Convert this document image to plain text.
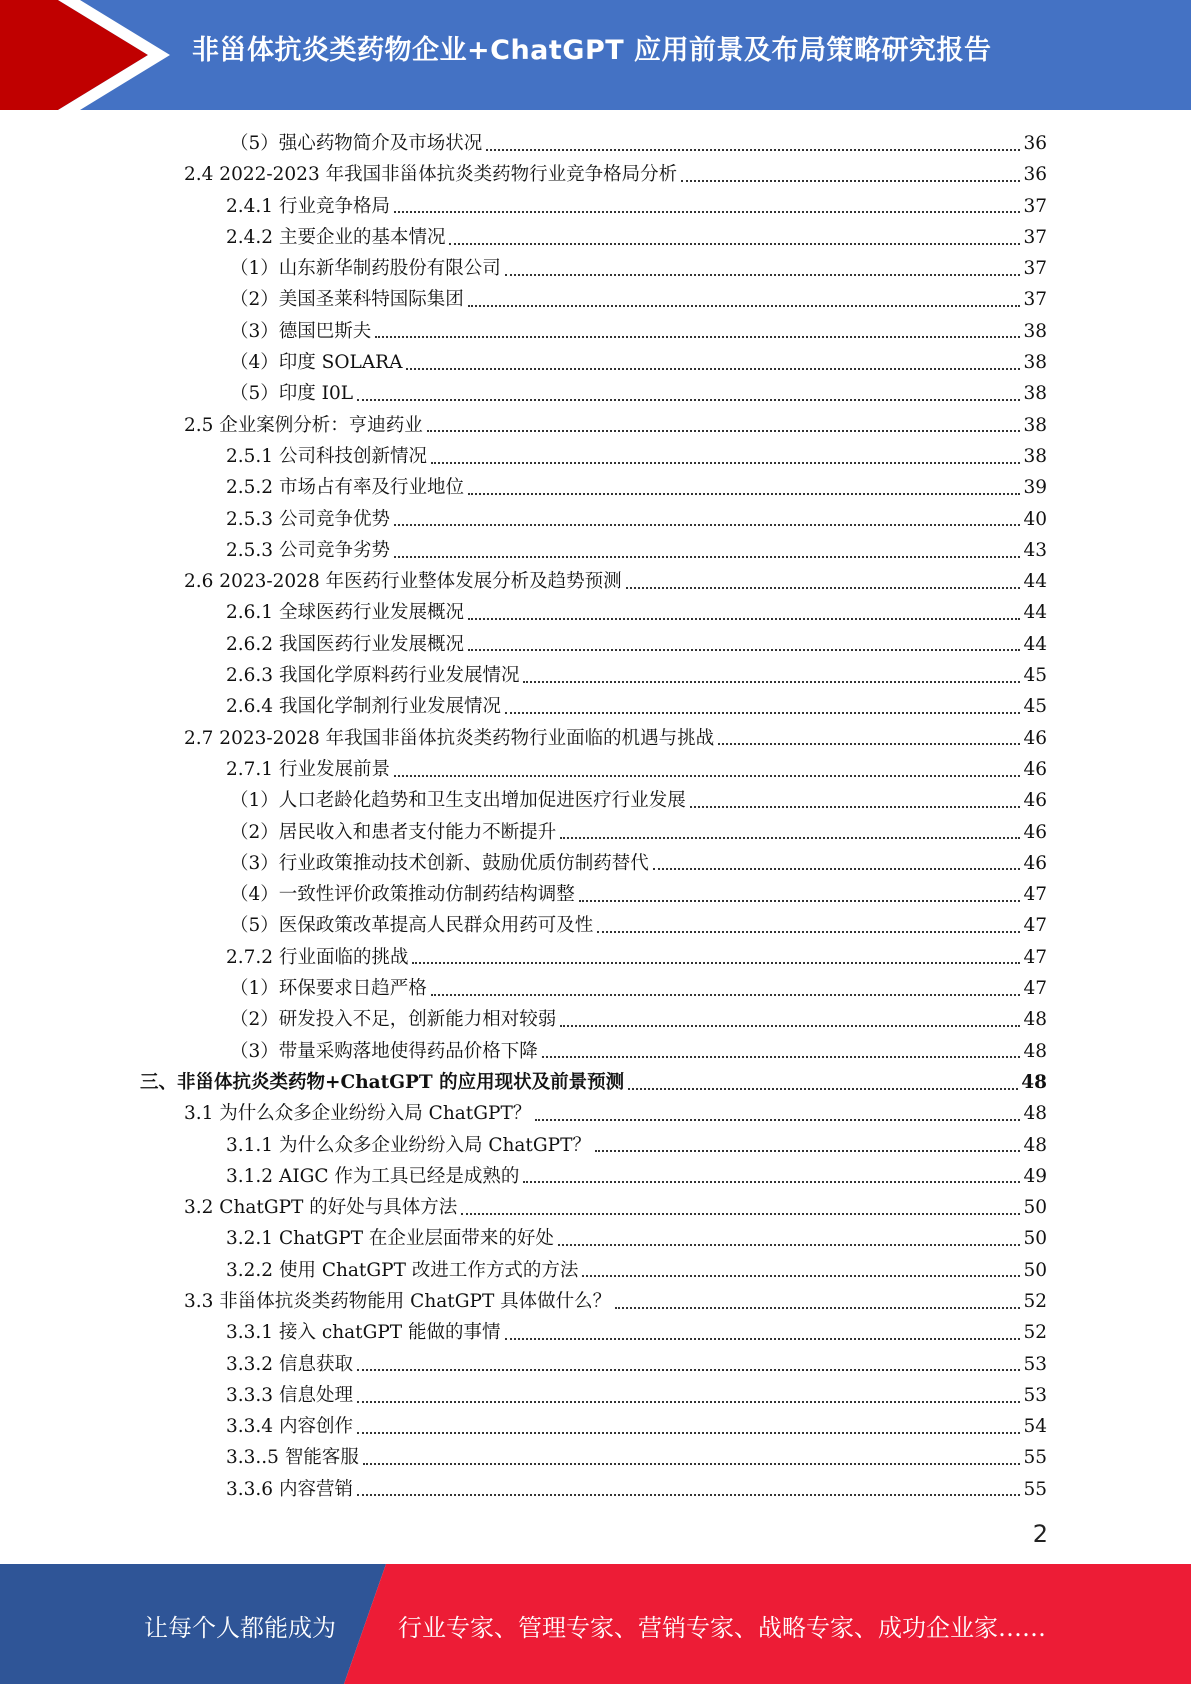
非甾体抗炎类药物企业+ChatGPT 应用前景及布局策略研究报告
（5）强心药物简介及市场状况	36
2.4 2022-2023 年我国非甾体抗炎类药物行业竞争格局分析	36
2.4.1 行业竞争格局	37
2.4.2 主要企业的基本情况	37
（1）山东新华制药股份有限公司	37
（2）美国圣莱科特国际集团	37
（3）德国巴斯夫	38
（4）印度 SOLARA	38
（5）印度 I0L	38
2.5 企业案例分析：亨迪药业	38
2.5.1 公司科技创新情况	38
2.5.2 市场占有率及行业地位	39
2.5.3 公司竞争优势	40
2.5.3 公司竞争劣势	43
2.6 2023-2028 年医药行业整体发展分析及趋势预测	44
2.6.1 全球医药行业发展概况	44
2.6.2 我国医药行业发展概况	44
2.6.3 我国化学原料药行业发展情况	45
2.6.4 我国化学制剂行业发展情况	45
2.7 2023-2028 年我国非甾体抗炎类药物行业面临的机遇与挑战	46
2.7.1 行业发展前景	46
（1）人口老龄化趋势和卫生支出增加促进医疗行业发展	46
（2）居民收入和患者支付能力不断提升	46
（3）行业政策推动技术创新、鼓励优质仿制药替代	46
（4）一致性评价政策推动仿制药结构调整	47
（5）医保政策改革提高人民群众用药可及性	47
2.7.2 行业面临的挑战	47
（1）环保要求日趋严格	47
（2）研发投入不足，创新能力相对较弱	48
（3）带量采购落地使得药品价格下降	48
三、非甾体抗炎类药物+ChatGPT 的应用现状及前景预测	48
3.1 为什么众多企业纷纷入局 ChatGPT？	48
3.1.1 为什么众多企业纷纷入局 ChatGPT？	48
3.1.2 AIGC 作为工具已经是成熟的	49
3.2 ChatGPT 的好处与具体方法	50
3.2.1 ChatGPT 在企业层面带来的好处	50
3.2.2 使用 ChatGPT 改进工作方式的方法	50
3.3 非甾体抗炎类药物能用 ChatGPT 具体做什么？	52
3.3.1 接入 chatGPT 能做的事情	52
3.3.2 信息获取	53
3.3.3 信息处理	53
3.3.4 内容创作	54
3.3..5 智能客服	55
3.3.6 内容营销	55
2
让每个人都能成为	行业专家、管理专家、营销专家、战略专家、成功企业家……
